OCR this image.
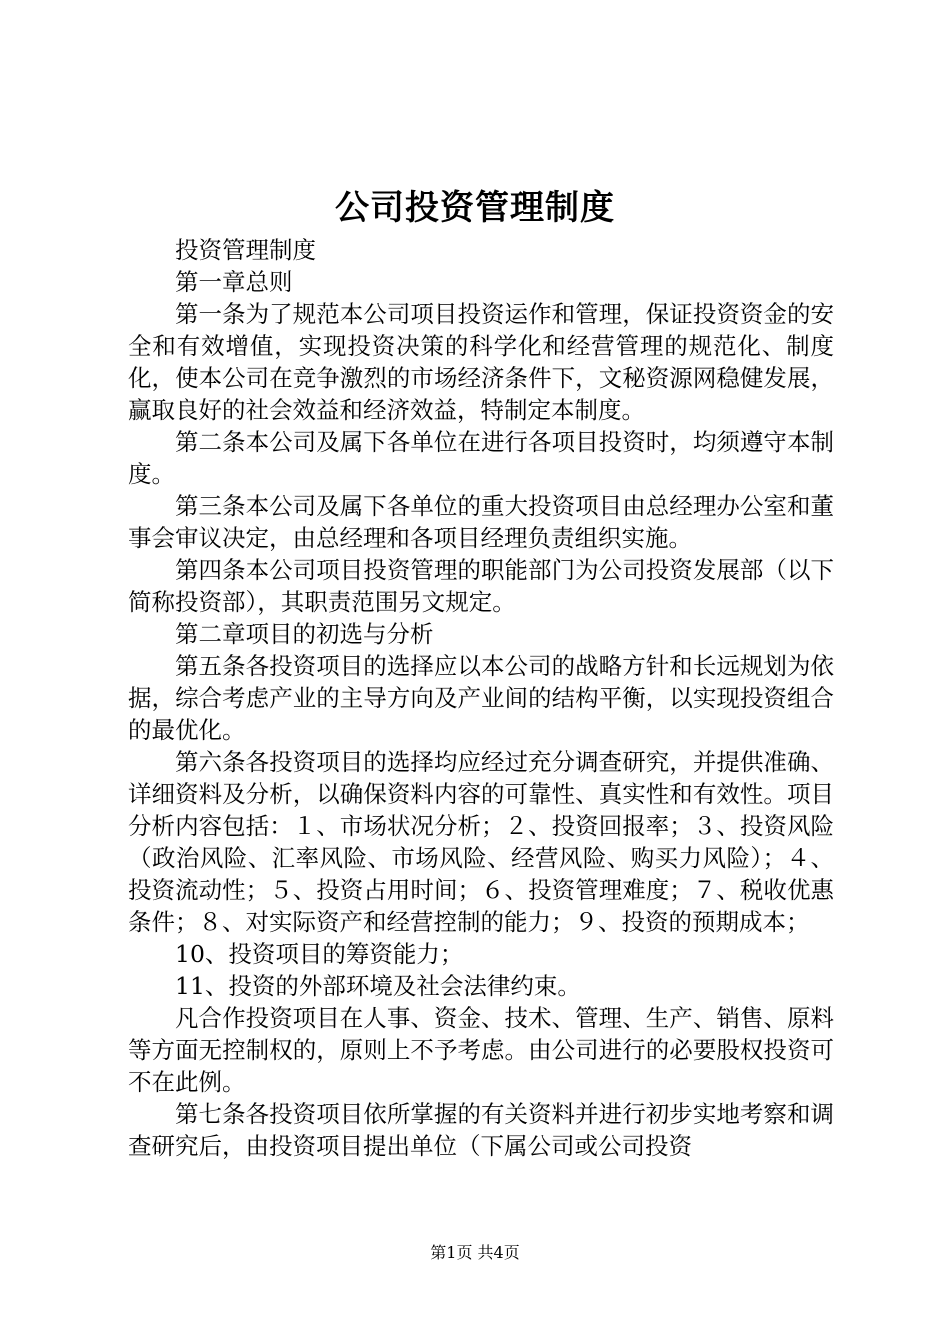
公司投资管理制度

投资管理制度

第一章总则

第一条为了规范本公司项目投资运作和管理，保证投资资金的安全和有效增值，实现投资决策的科学化和经营管理的规范化、制度化，使本公司在竞争激烈的市场经济条件下，文秘资源网稳健发展，赢取良好的社会效益和经济效益，特制定本制度。

第二条本公司及属下各单位在进行各项目投资时，均须遵守本制度。

第三条本公司及属下各单位的重大投资项目由总经理办公室和董事会审议决定，由总经理和各项目经理负责组织实施。

第四条本公司项目投资管理的职能部门为公司投资发展部（以下简称投资部），其职责范围另文规定。

第二章项目的初选与分析

第五条各投资项目的选择应以本公司的战略方针和长远规划为依据，综合考虑产业的主导方向及产业间的结构平衡，以实现投资组合的最优化。

第六条各投资项目的选择均应经过充分调查研究，并提供准确、详细资料及分析，以确保资料内容的可靠性、真实性和有效性。项目分析内容包括：１、市场状况分析；２、投资回报率；３、投资风险（政治风险、汇率风险、市场风险、经营风险、购买力风险）；４、投资流动性；５、投资占用时间；６、投资管理难度；７、税收优惠条件；８、对实际资产和经营控制的能力；９、投资的预期成本；

10、投资项目的筹资能力；

11、投资的外部环境及社会法律约束。

凡合作投资项目在人事、资金、技术、管理、生产、销售、原料等方面无控制权的，原则上不予考虑。由公司进行的必要股权投资可不在此例。

第七条各投资项目依所掌握的有关资料并进行初步实地考察和调查研究后，由投资项目提出单位（下属公司或公司投资

第1页 共4页
